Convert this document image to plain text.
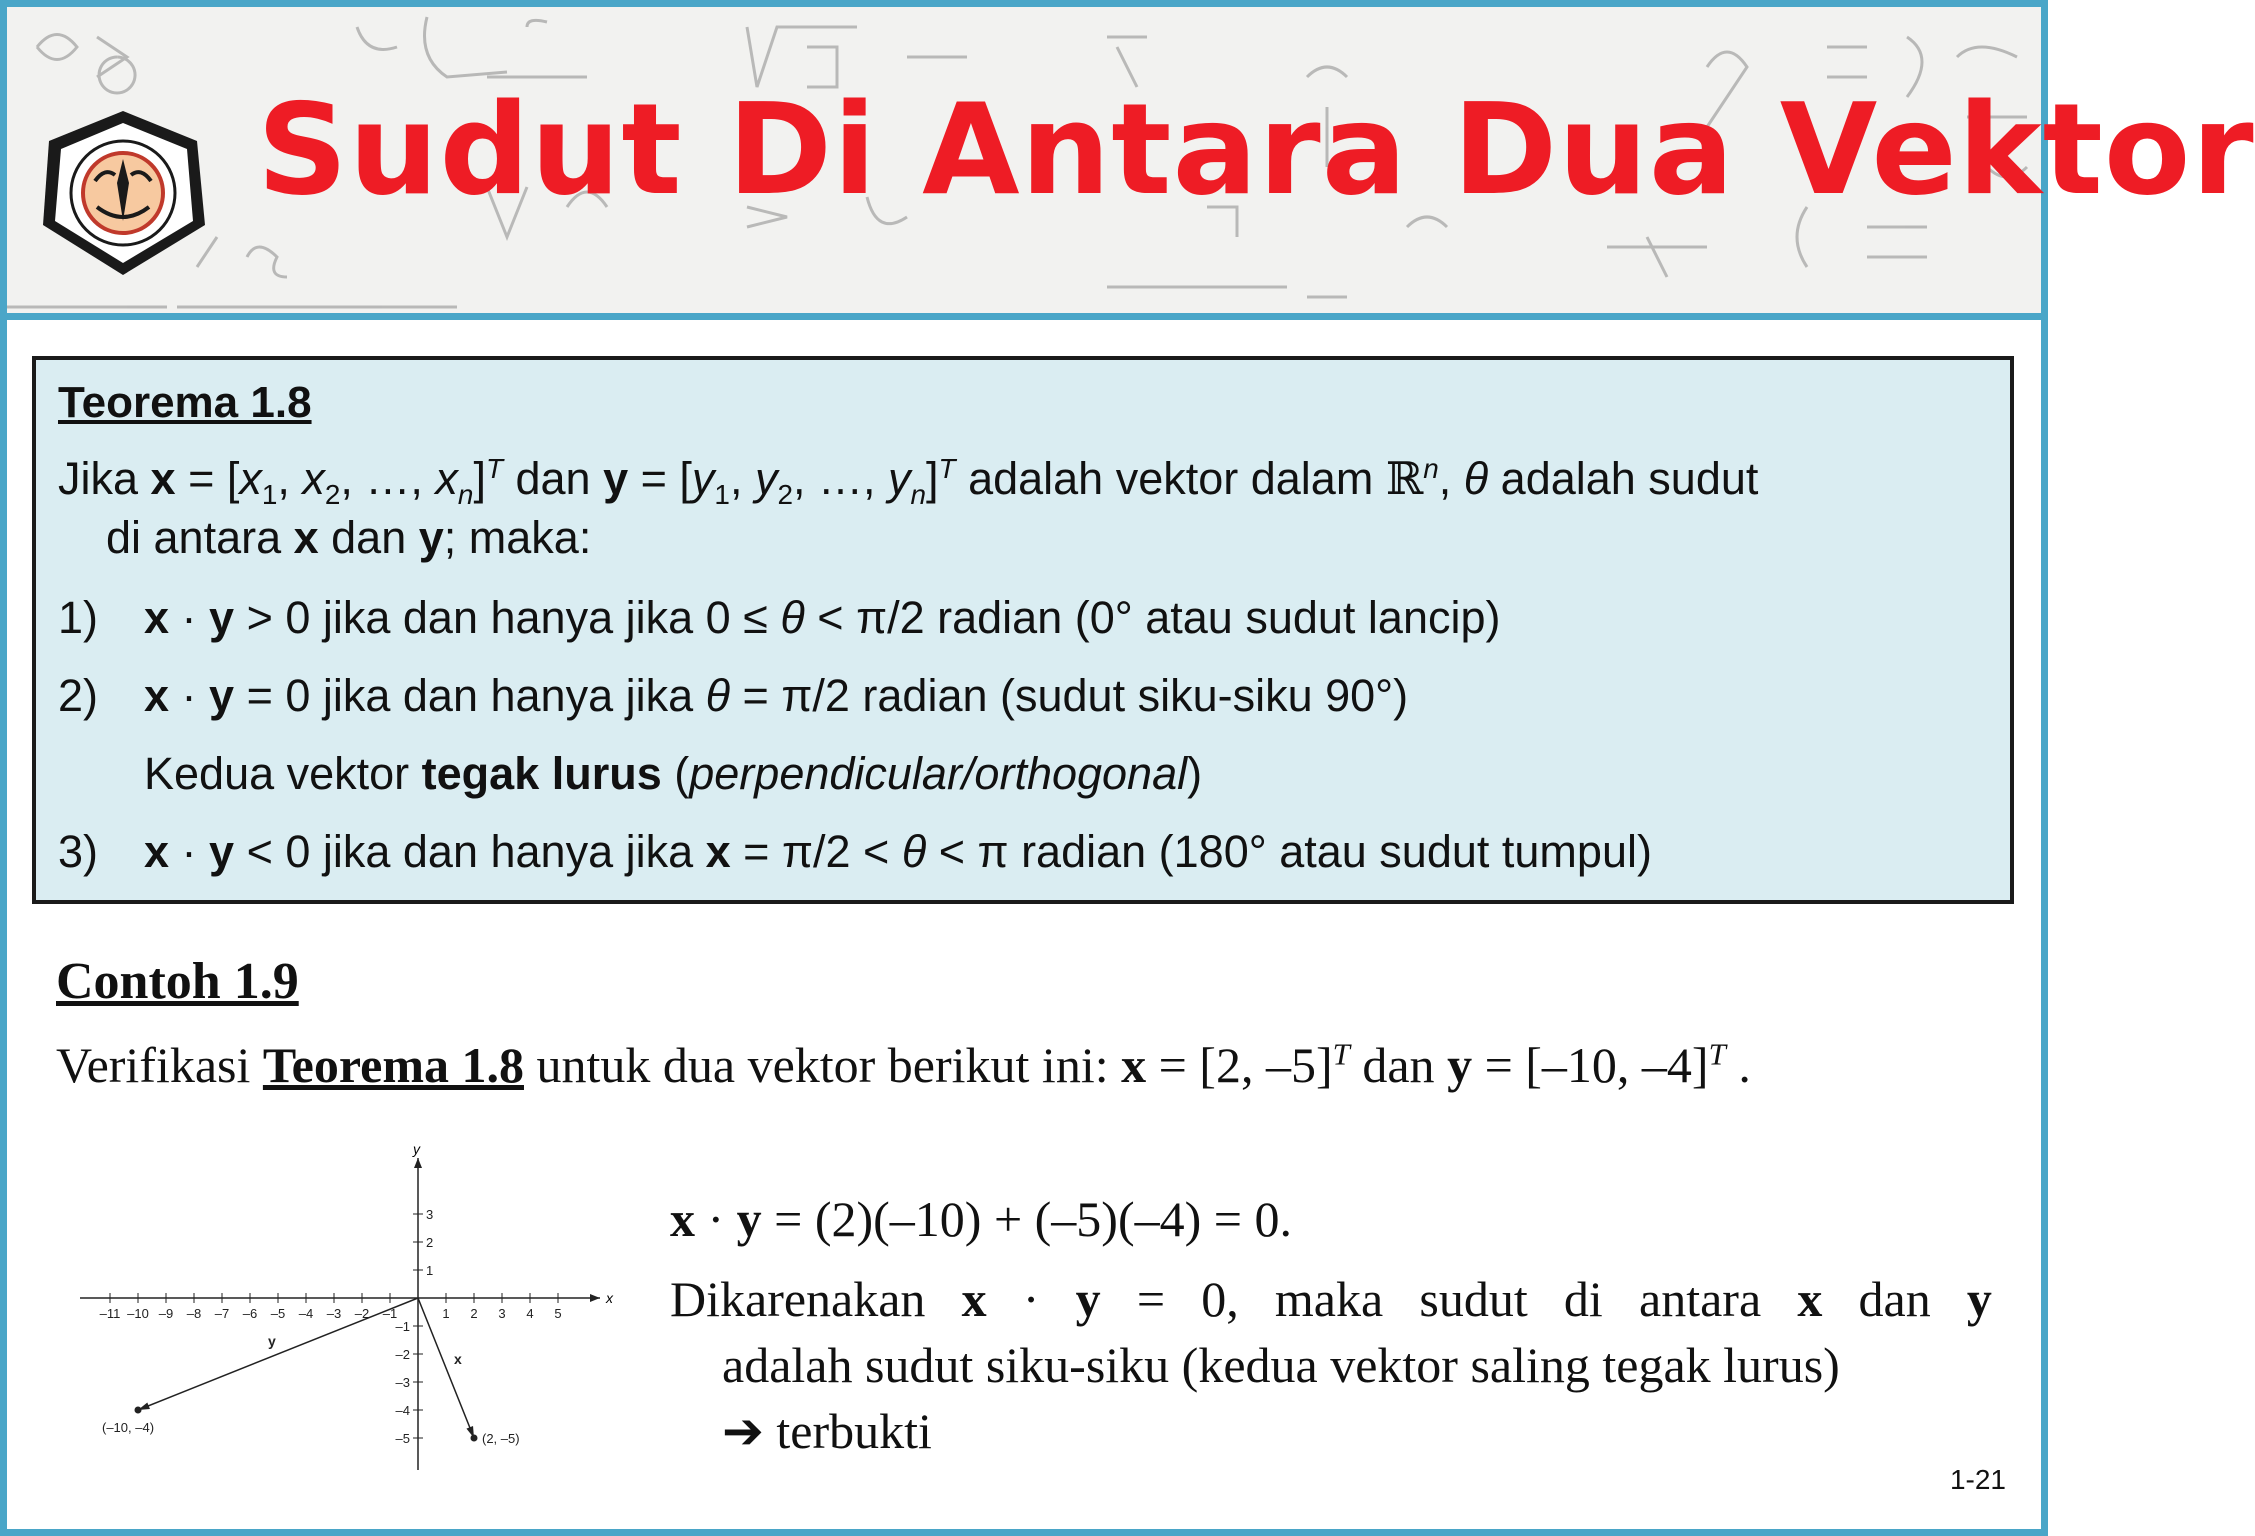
Sudut Di Antara Dua Vektor
Teorema 1.8
Jika $x = [x_1$, $x_2$, …, $x_n]^T$ dan $y = [y_1$, $y_2$, …, $y_n]^T$ adalah vektor dalam ℝ$^n$, θ adalah sudut
di antara x dan y; maka:
1) x · y > 0 jika dan hanya jika 0 ≤ θ < π/2 radian (0° atau sudut lancip)
2) x · y = 0 jika dan hanya jika θ = π/2 radian (sudut siku-siku 90°)
Kedua vektor tegak lurus (perpendicular/orthogonal)
3) x · y < 0 jika dan hanya jika x = π/2 < θ < π radian (180° atau sudut tumpul)
Contoh 1.9
Verifikasi Teorema 1.8 untuk dua vektor berikut ini: x = [2, –5]$^T$ dan y = [–10, –4]$^T$ .
x
y
–11 –10 –9 –8 –7 –6 –5 –4 –3 –2 –1	1 2 3 4 5
3
2
1
–1
–2
–3
–4
–5	(2, –5)
x
(–10, –4)
y
x · y = (2)(–10) + (–5)(–4) = 0.
Dikarenakan x · y = 0, maka sudut di antara x dan y
adalah sudut siku-siku (kedua vektor saling tegak lurus)
➔ terbukti
1-21
